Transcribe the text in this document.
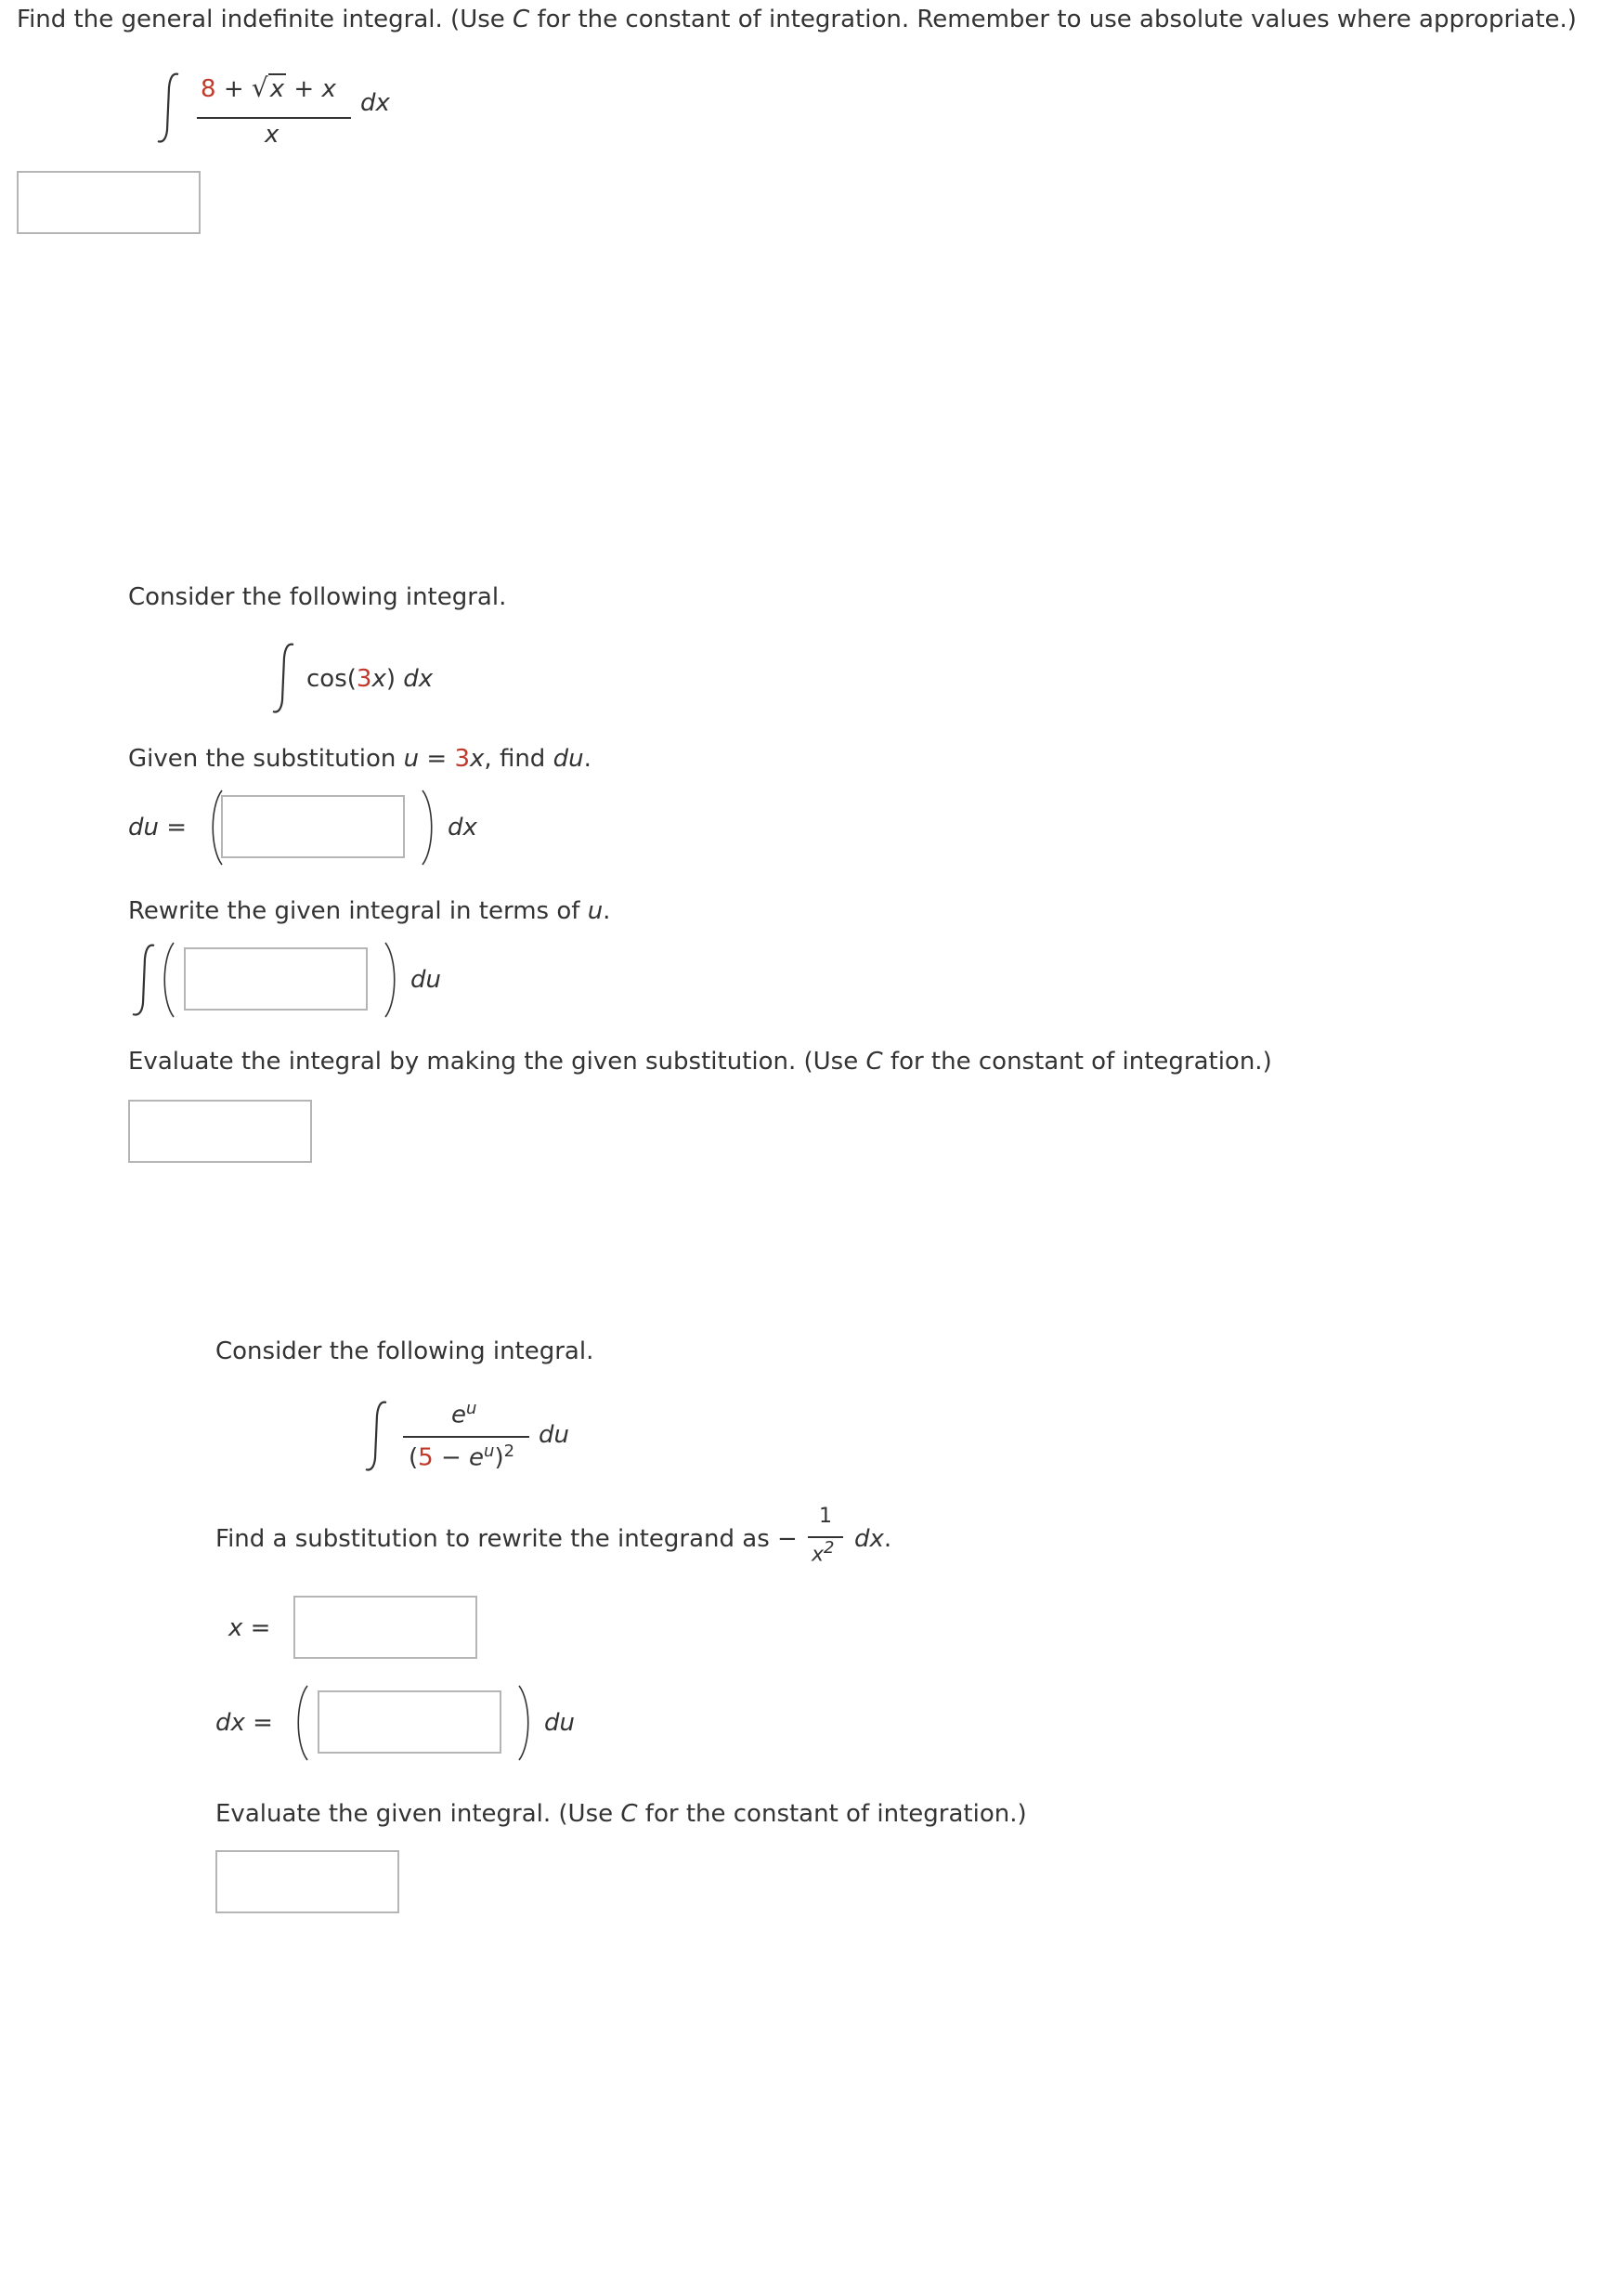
Find the general indefinite integral. (Use C for the constant of integration. Remember to use absolute values where appropriate.)
8 + √x + x
x
dx
Consider the following integral.
cos(3x) dx
Given the substitution u = 3x, find du.
du =	dx
Rewrite the given integral in terms of u.
du
Evaluate the integral by making the given substitution. (Use C for the constant of integration.)
Consider the following integral.
$e^u$
$(5 - e^u)^2$
du
Find a substitution to rewrite the integrand as −
1
$x^2$ dx.
x =
dx =	du
Evaluate the given integral. (Use C for the constant of integration.)
